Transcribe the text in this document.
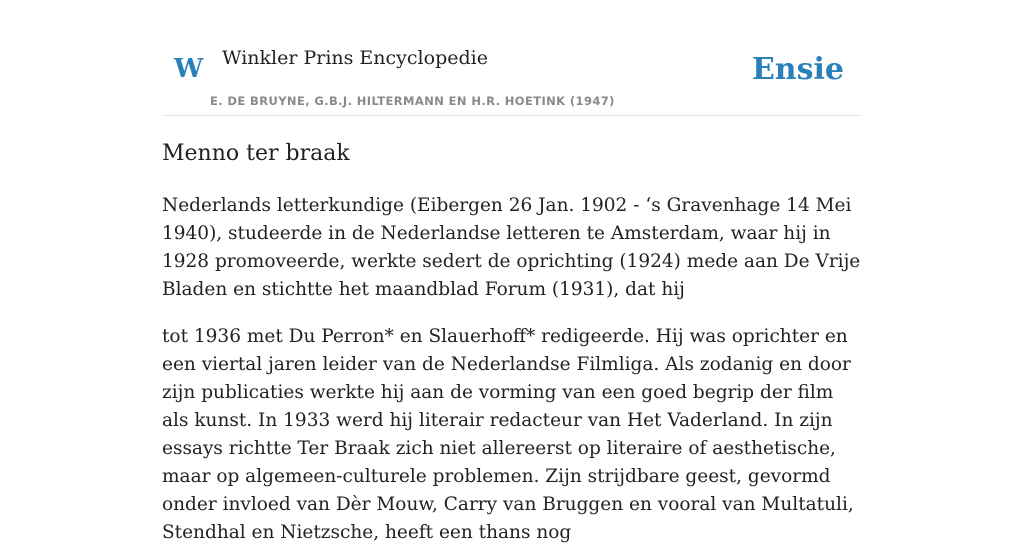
W Winkler Prins Encyclopedie
E. DE BRUYNE, G.B.J. HILTERMANN EN H.R. HOETINK (1947)
Ensie
Menno ter braak

Nederlands letterkundige (Eibergen 26 Jan. 1902 - ‘s Gravenhage 14 Mei 1940), studeerde in de Nederlandse letteren te Amsterdam, waar hij in 1928 promoveerde, werkte sedert de oprichting (1924) mede aan De Vrije Bladen en stichtte het maandblad Forum (1931), dat hij

tot 1936 met Du Perron* en Slauerhoff* redigeerde. Hij was oprichter en een viertal jaren leider van de Nederlandse Filmliga. Als zodanig en door zijn publicaties werkte hij aan de vorming van een goed begrip der film als kunst. In 1933 werd hij literair redacteur van Het Vaderland. In zijn essays richtte Ter Braak zich niet allereerst op literaire of aesthetische, maar op algemeen-culturele problemen. Zijn strijdbare geest, gevormd onder invloed van Dèr Mouw, Carry van Bruggen en vooral van Multatuli, Stendhal en Nietzsche, heeft een thans nog
